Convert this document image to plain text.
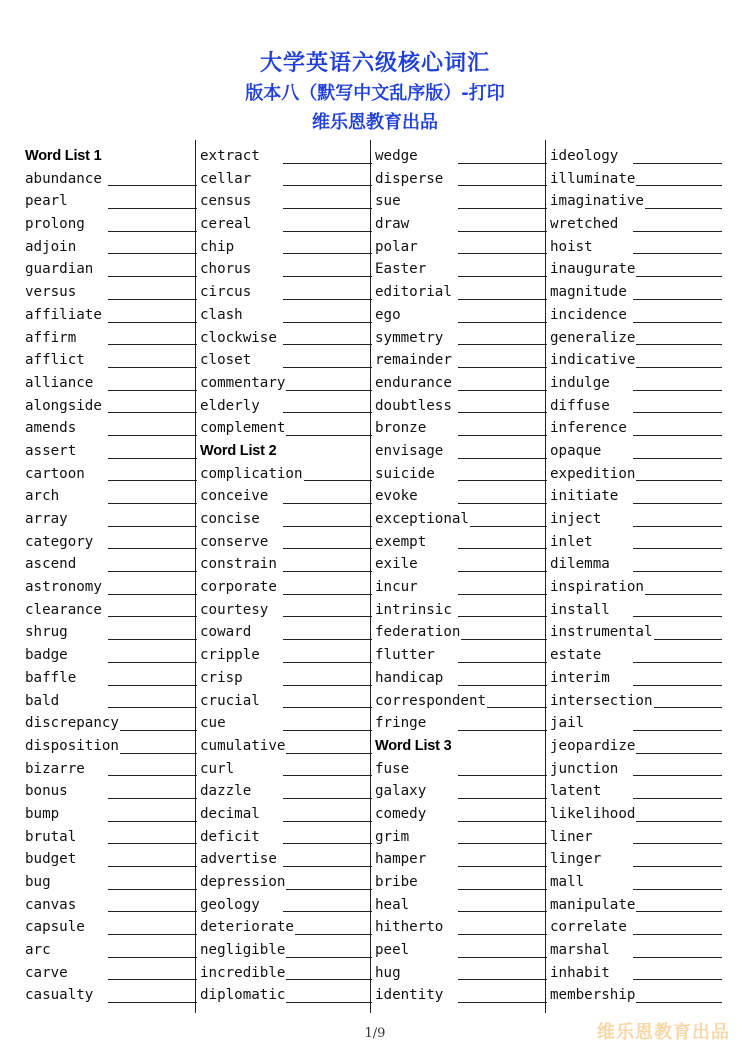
大学英语六级核心词汇
版本八（默写中文乱序版）-打印
维乐恩教育出品
Word List 1
abundance
pearl
prolong
adjoin
guardian
versus
affiliate
affirm
afflict
alliance
alongside
amends
assert
cartoon
arch
array
category
ascend
astronomy
clearance
shrug
badge
baffle
bald
discrepancy
disposition
bizarre
bonus
bump
brutal
budget
bug
canvas
capsule
arc
carve
casualty
extract
cellar
census
cereal
chip
chorus
circus
clash
clockwise
closet
commentary
elderly
complement
Word List 2
complication
conceive
concise
conserve
constrain
corporate
courtesy
coward
cripple
crisp
crucial
cue
cumulative
curl
dazzle
decimal
deficit
advertise
depression
geology
deteriorate
negligible
incredible
diplomatic
wedge
disperse
sue
draw
polar
Easter
editorial
ego
symmetry
remainder
endurance
doubtless
bronze
envisage
suicide
evoke
exceptional
exempt
exile
incur
intrinsic
federation
flutter
handicap
correspondent
fringe
Word List 3
fuse
galaxy
comedy
grim
hamper
bribe
heal
hitherto
peel
hug
identity
ideology
illuminate
imaginative
wretched
hoist
inaugurate
magnitude
incidence
generalize
indicative
indulge
diffuse
inference
opaque
expedition
initiate
inject
inlet
dilemma
inspiration
install
instrumental
estate
interim
intersection
jail
jeopardize
junction
latent
likelihood
liner
linger
mall
manipulate
correlate
marshal
inhabit
membership
1/9	维乐恩教育出品
